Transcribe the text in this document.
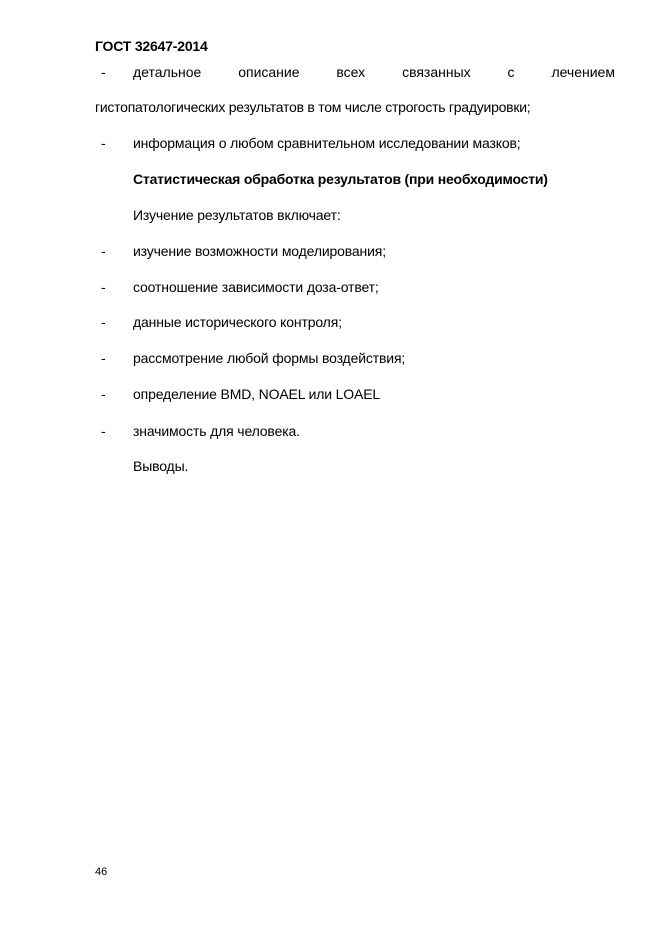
ГОСТ 32647-2014
- детальное	описание	всех	связанных	с	лечением
гистопатологических результатов в том числе строгость градуировки;
- информация о любом сравнительном исследовании мазков;
Статистическая обработка результатов (при необходимости)
Изучение результатов включает:
- изучение возможности моделирования;
- соотношение зависимости доза-ответ;
- данные исторического контроля;
- рассмотрение любой формы воздействия;
- определение BMD, NOAEL или LOAEL
- значимость для человека.
Выводы.
46
